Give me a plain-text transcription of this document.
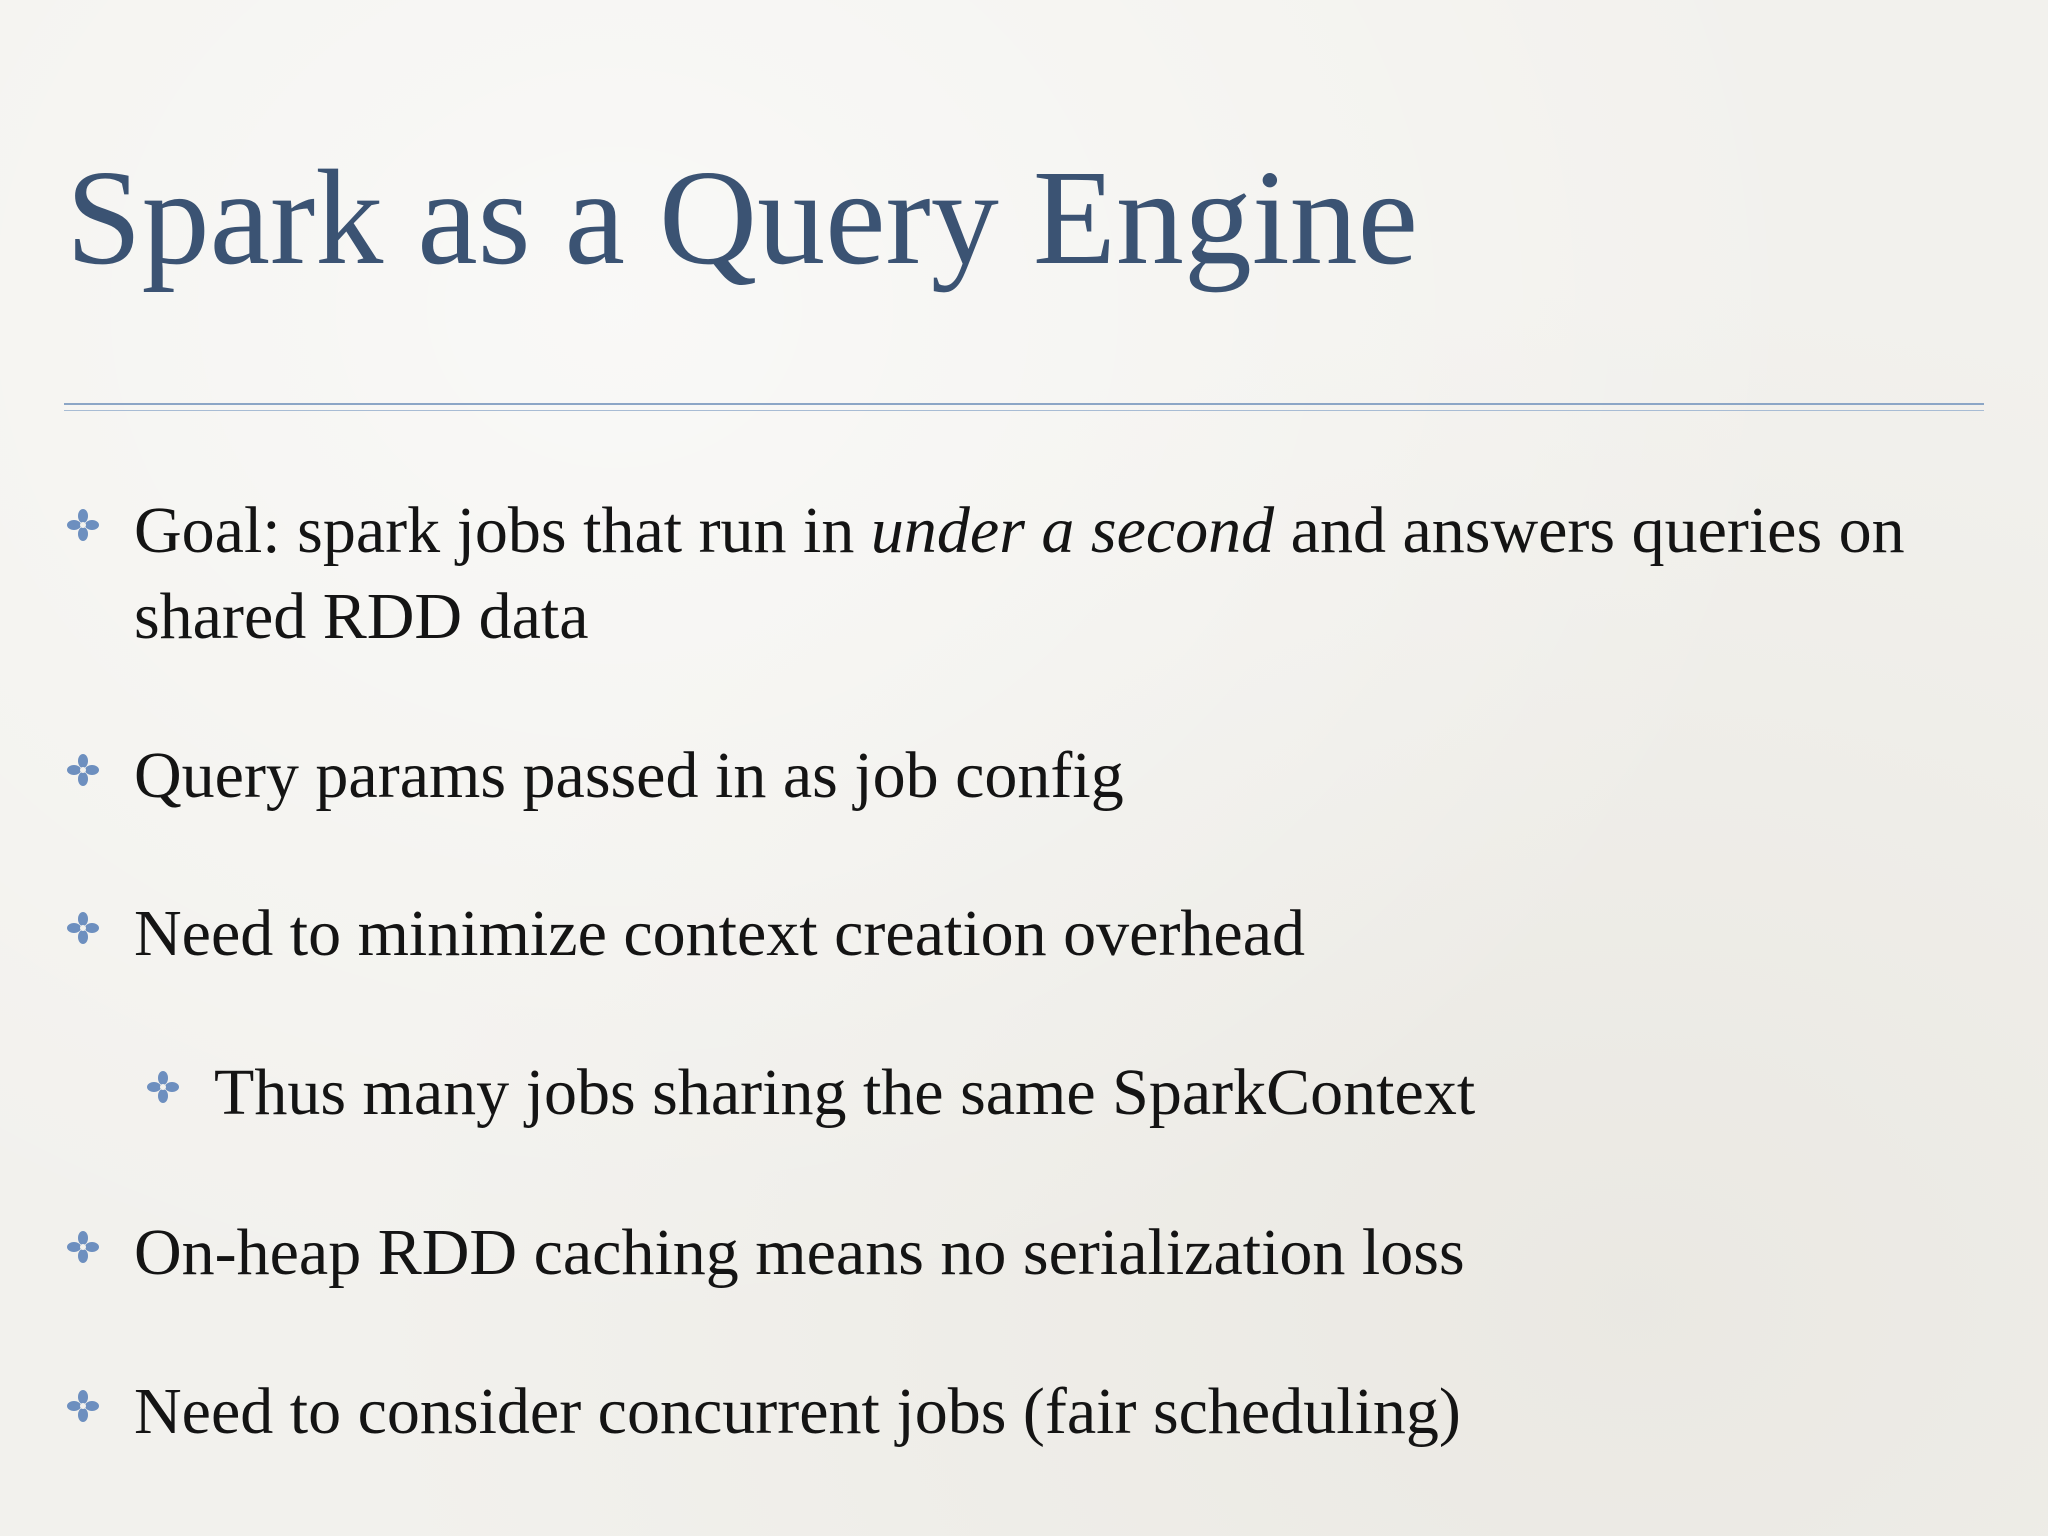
Spark as a Query Engine
Goal: spark jobs that run in under a second and answers queries on shared RDD data
Query params passed in as job config
Need to minimize context creation overhead
Thus many jobs sharing the same SparkContext
On-heap RDD caching means no serialization loss
Need to consider concurrent jobs (fair scheduling)
